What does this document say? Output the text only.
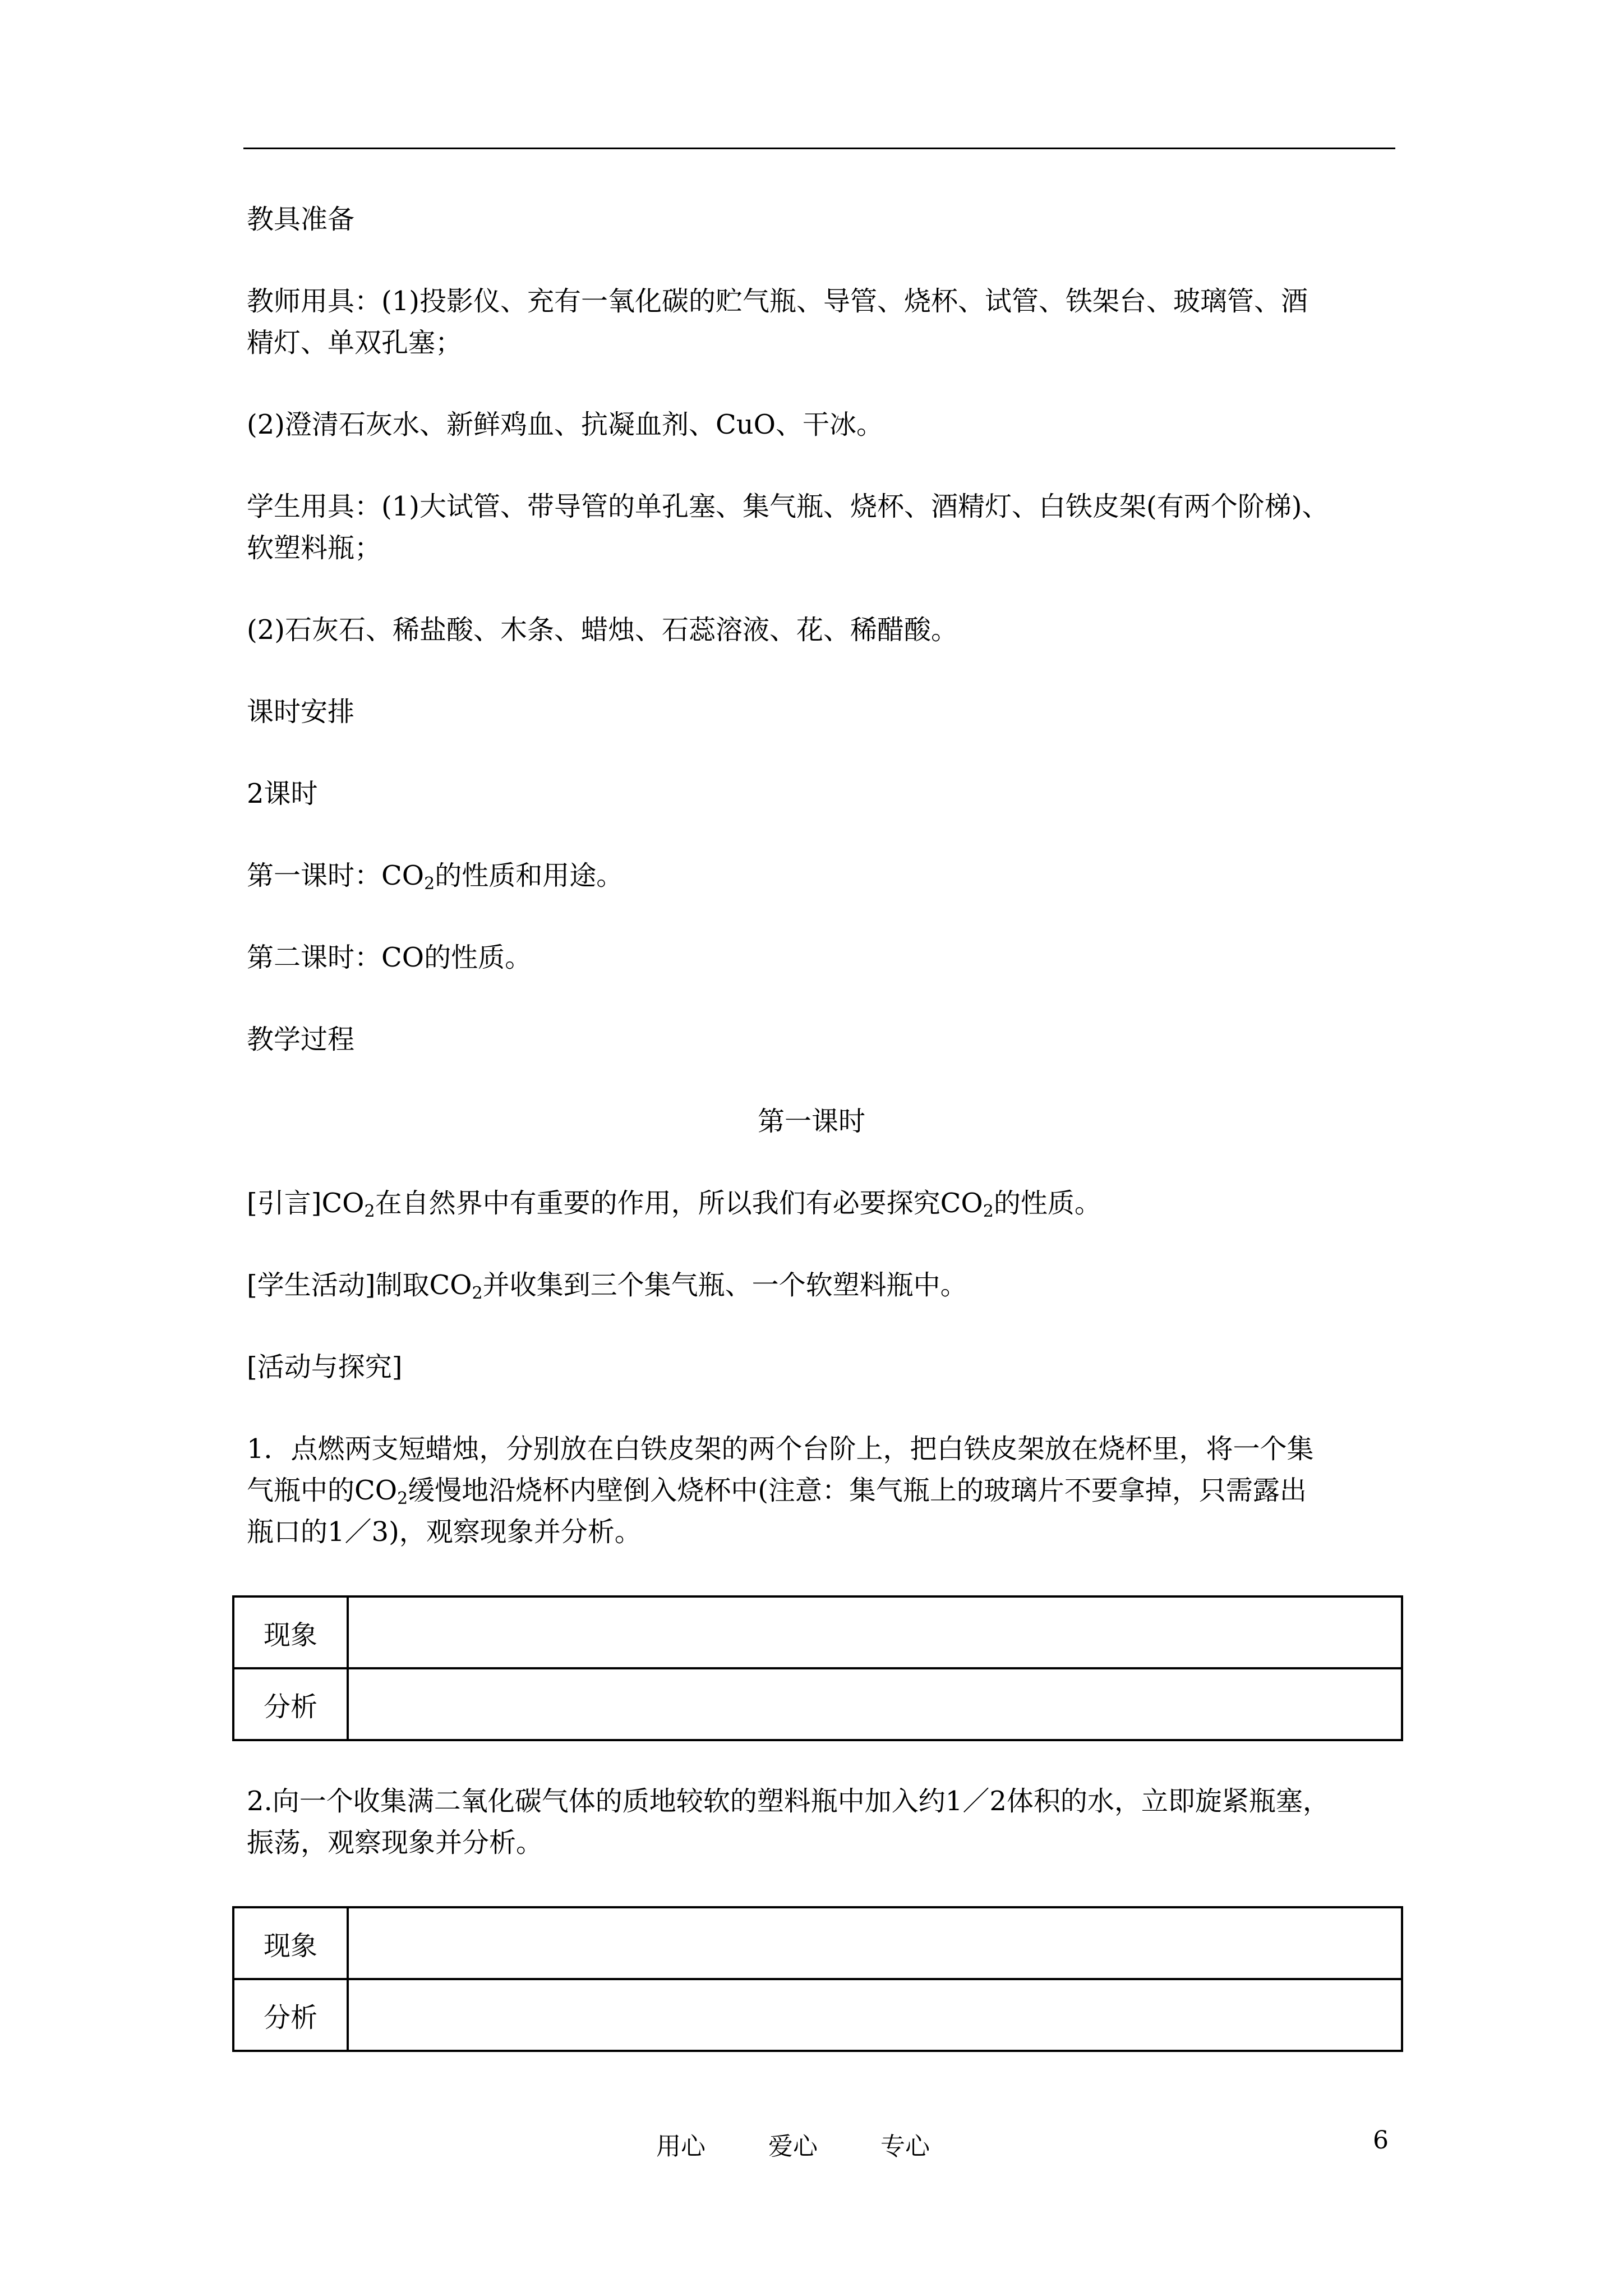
教具准备

教师用具：(1)投影仪、充有一氧化碳的贮气瓶、导管、烧杯、试管、铁架台、玻璃管、酒

精灯、单双孔塞；

(2)澄清石灰水、新鲜鸡血、抗凝血剂、CuO、干冰。

学生用具：(1)大试管、带导管的单孔塞、集气瓶、烧杯、酒精灯、白铁皮架(有两个阶梯)、

软塑料瓶；

(2)石灰石、稀盐酸、木条、蜡烛、石蕊溶液、花、稀醋酸。

课时安排

2课时

第一课时：$CO_2$的性质和用途。

第二课时：CO的性质。

教学过程

第一课时

[引言]$CO_2$在自然界中有重要的作用，所以我们有必要探究$CO_2$的性质。

[学生活动]制取$CO_2$并收集到三个集气瓶、一个软塑料瓶中。

[活动与探究]

1．点燃两支短蜡烛，分别放在白铁皮架的两个台阶上，把白铁皮架放在烧杯里，将一个集

气瓶中的$CO_2$缓慢地沿烧杯内壁倒入烧杯中(注意：集气瓶上的玻璃片不要拿掉，只需露出

瓶口的1／3)，观察现象并分析。

现象	
分析	

2.向一个收集满二氧化碳气体的质地较软的塑料瓶中加入约1／2体积的水，立即旋紧瓶塞，

振荡，观察现象并分析。

现象	
分析	
用心	爱心	专心	6
